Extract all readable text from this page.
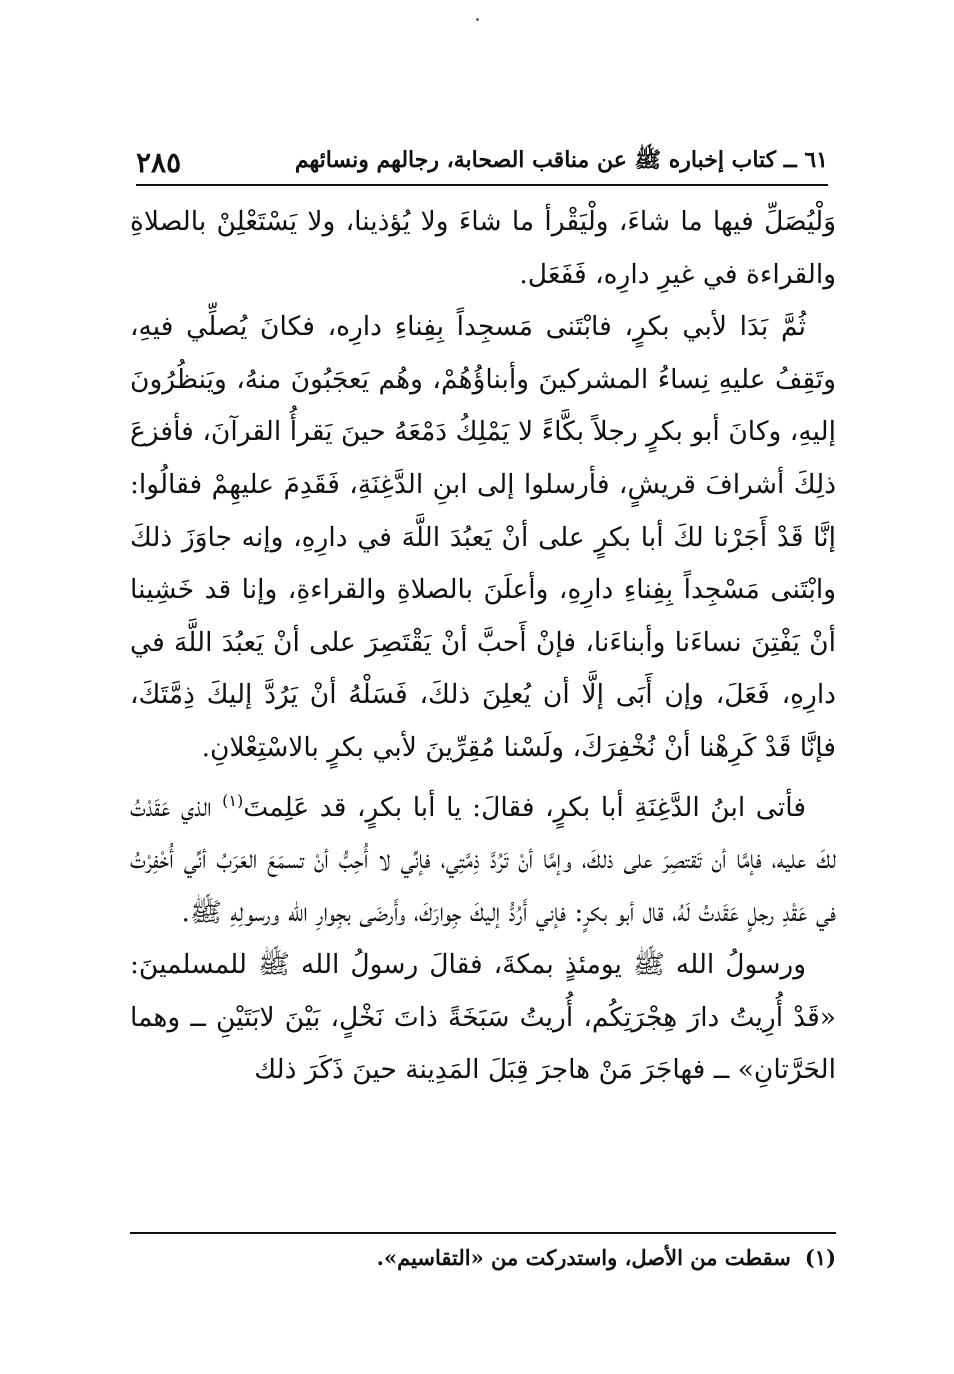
٦١ ــ كتاب إخباره ﷺ عن مناقب الصحابة، رجالهم ونسائهم
٢٨٥

وَلْيُصَلِّ فيها ما شاءَ، ولْيَقْرأ ما شاءَ ولا يُؤذينا، ولا يَسْتَعْلِنْ بالصلاةِ والقراءة في غيرِ دارِه، فَفَعَل.

ثُمَّ بَدَا لأبي بكرٍ، فابْتَنى مَسجِداً بِفِناءِ دارِه، فكانَ يُصلِّي فيهِ، وتَقِفُ عليهِ نِساءُ المشركينَ وأبناؤُهُمْ، وهُم يَعجَبُونَ منهُ، ويَنظُرُونَ إليهِ، وكانَ أبو بكرٍ رجلاً بكَّاءً لا يَمْلِكُ دَمْعَهُ حينَ يَقرأُ القرآنَ، فأفزعَ ذلِكَ أشرافَ قريشٍ، فأرسلوا إلى ابنِ الدَّغِنَةِ، فَقَدِمَ عليهِمْ فقالُوا: إنَّا قَدْ أَجَرْنا لكَ أبا بكرٍ على أنْ يَعبُدَ اللَّهَ في دارِهِ، وإنه جاوَزَ ذلكَ وابْتَنى مَسْجِداً بِفِناءِ دارِهِ، وأعلَنَ بالصلاةِ والقراءةِ، وإنا قد خَشِينا أنْ يَفْتِنَ نساءَنا وأبناءَنا، فإنْ أَحبَّ أنْ يَقْتَصِرَ على أنْ يَعبُدَ اللَّهَ في دارِهِ، فَعَلَ، وإن أَبَى إلَّا أن يُعلِنَ ذلكَ، فَسَلْهُ أنْ يَرُدَّ إليكَ ذِمَّتَكَ، فإنَّا قَدْ كَرِهْنا أنْ نُخْفِرَكَ، ولَسْنا مُقِرِّينَ لأبي بكرٍ بالاسْتِعْلانِ.

فأتى ابنُ الدَّغِنَةِ أبا بكرٍ، فقالَ: يا أبا بكرٍ، قد عَلِمتَ$^{(١)}$ الذي عَقَدْتُ لكَ عليه، فإمَّا أن تَقتصِرَ على ذلكَ، وإمَّا أنْ تَرُدَّ ذِمَّتِي، فإنِّي لا أُحِبُّ أنْ تسمَعَ العَرَبُ أنِّي أُخْفِرْتُ في عَقْدِ رجلٍ عَقَدتُ لَهُ، قال أبو بكرٍ: فإني أَرُدُّ إليكَ جِوارَكَ، وأَرضَى بجِوارِ الله ورسولِهِ ﷺ.

ورسولُ الله ﷺ يومئذٍ بمكةَ، فقالَ رسولُ الله ﷺ للمسلمينَ: «قَدْ أُرِيتُ دارَ هِجْرَتِكُم، أُريتُ سَبَخَةً ذاتَ نَخْلٍ، بَيْنَ لابَتَيْنِ ــ وهما الحَرَّتانِ» ــ فهاجَرَ مَنْ هاجرَ قِبَلَ المَدِينة حينَ ذَكَرَ ذلك

(١)سقطت من الأصل، واستدركت من «التقاسيم».
